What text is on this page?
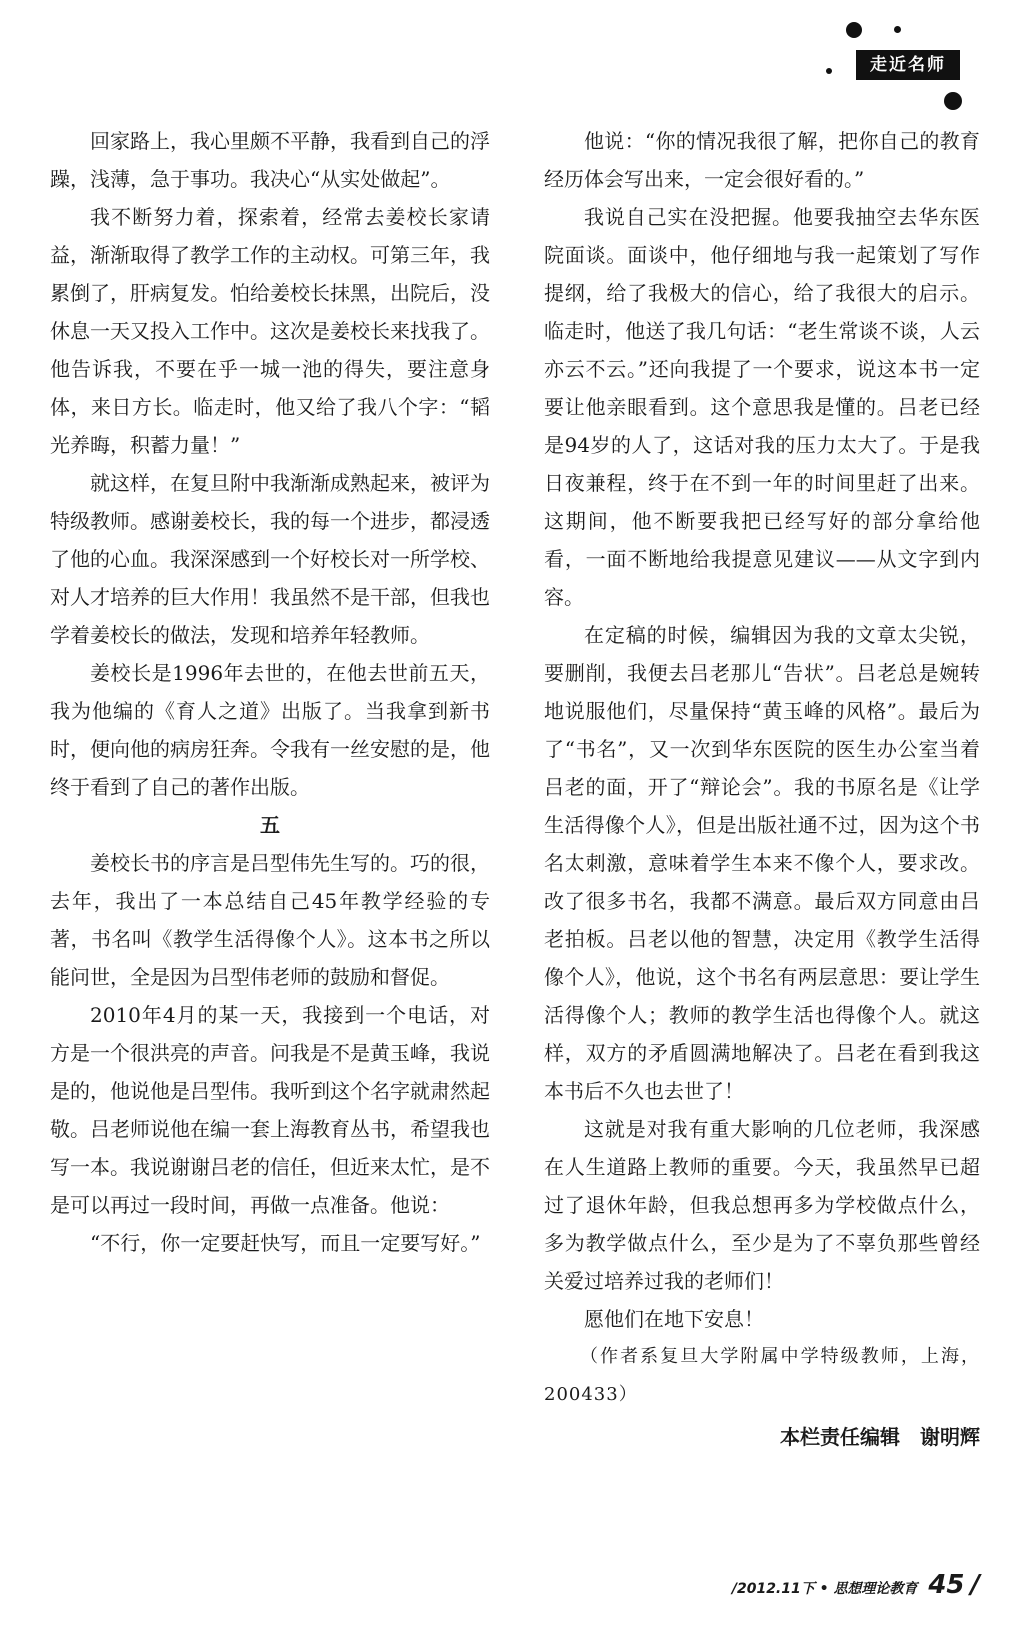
走近名师

回家路上，我心里颇不平静，我看到自己的浮躁，浅薄，急于事功。我决心“从实处做起”。

我不断努力着，探索着，经常去姜校长家请益，渐渐取得了教学工作的主动权。可第三年，我累倒了，肝病复发。怕给姜校长抹黑，出院后，没休息一天又投入工作中。这次是姜校长来找我了。他告诉我，不要在乎一城一池的得失，要注意身体，来日方长。临走时，他又给了我八个字：“韬光养晦，积蓄力量！”

就这样，在复旦附中我渐渐成熟起来，被评为特级教师。感谢姜校长，我的每一个进步，都浸透了他的心血。我深深感到一个好校长对一所学校、对人才培养的巨大作用！我虽然不是干部，但我也学着姜校长的做法，发现和培养年轻教师。

姜校长是1996年去世的，在他去世前五天，我为他编的《育人之道》出版了。当我拿到新书时，便向他的病房狂奔。令我有一丝安慰的是，他终于看到了自己的著作出版。

五

姜校长书的序言是吕型伟先生写的。巧的很，去年，我出了一本总结自己45年教学经验的专著，书名叫《教学生活得像个人》。这本书之所以能问世，全是因为吕型伟老师的鼓励和督促。

2010年4月的某一天，我接到一个电话，对方是一个很洪亮的声音。问我是不是黄玉峰，我说是的，他说他是吕型伟。我听到这个名字就肃然起敬。吕老师说他在编一套上海教育丛书，希望我也写一本。我说谢谢吕老的信任，但近来太忙，是不是可以再过一段时间，再做一点准备。他说：

“不行，你一定要赶快写，而且一定要写好。”

他说：“你的情况我很了解，把你自己的教育经历体会写出来，一定会很好看的。”

我说自己实在没把握。他要我抽空去华东医院面谈。面谈中，他仔细地与我一起策划了写作提纲，给了我极大的信心，给了我很大的启示。临走时，他送了我几句话：“老生常谈不谈，人云亦云不云。”还向我提了一个要求，说这本书一定要让他亲眼看到。这个意思我是懂的。吕老已经是94岁的人了，这话对我的压力太大了。于是我日夜兼程，终于在不到一年的时间里赶了出来。这期间，他不断要我把已经写好的部分拿给他看，一面不断地给我提意见建议——从文字到内容。

在定稿的时候，编辑因为我的文章太尖锐，要删削，我便去吕老那儿“告状”。吕老总是婉转地说服他们，尽量保持“黄玉峰的风格”。最后为了“书名”，又一次到华东医院的医生办公室当着吕老的面，开了“辩论会”。我的书原名是《让学生活得像个人》，但是出版社通不过，因为这个书名太刺激，意味着学生本来不像个人，要求改。改了很多书名，我都不满意。最后双方同意由吕老拍板。吕老以他的智慧，决定用《教学生活得像个人》，他说，这个书名有两层意思：要让学生活得像个人；教师的教学生活也得像个人。就这样，双方的矛盾圆满地解决了。吕老在看到我这本书后不久也去世了！

这就是对我有重大影响的几位老师，我深感在人生道路上教师的重要。今天，我虽然早已超过了退休年龄，但我总想再多为学校做点什么，多为教学做点什么，至少是为了不辜负那些曾经关爱过培养过我的老师们！

愿他们在地下安息！

（作者系复旦大学附属中学特级教师，上海，200433）

本栏责任编辑　谢明辉

/2012.11下 • 思想理论教育 45 /
